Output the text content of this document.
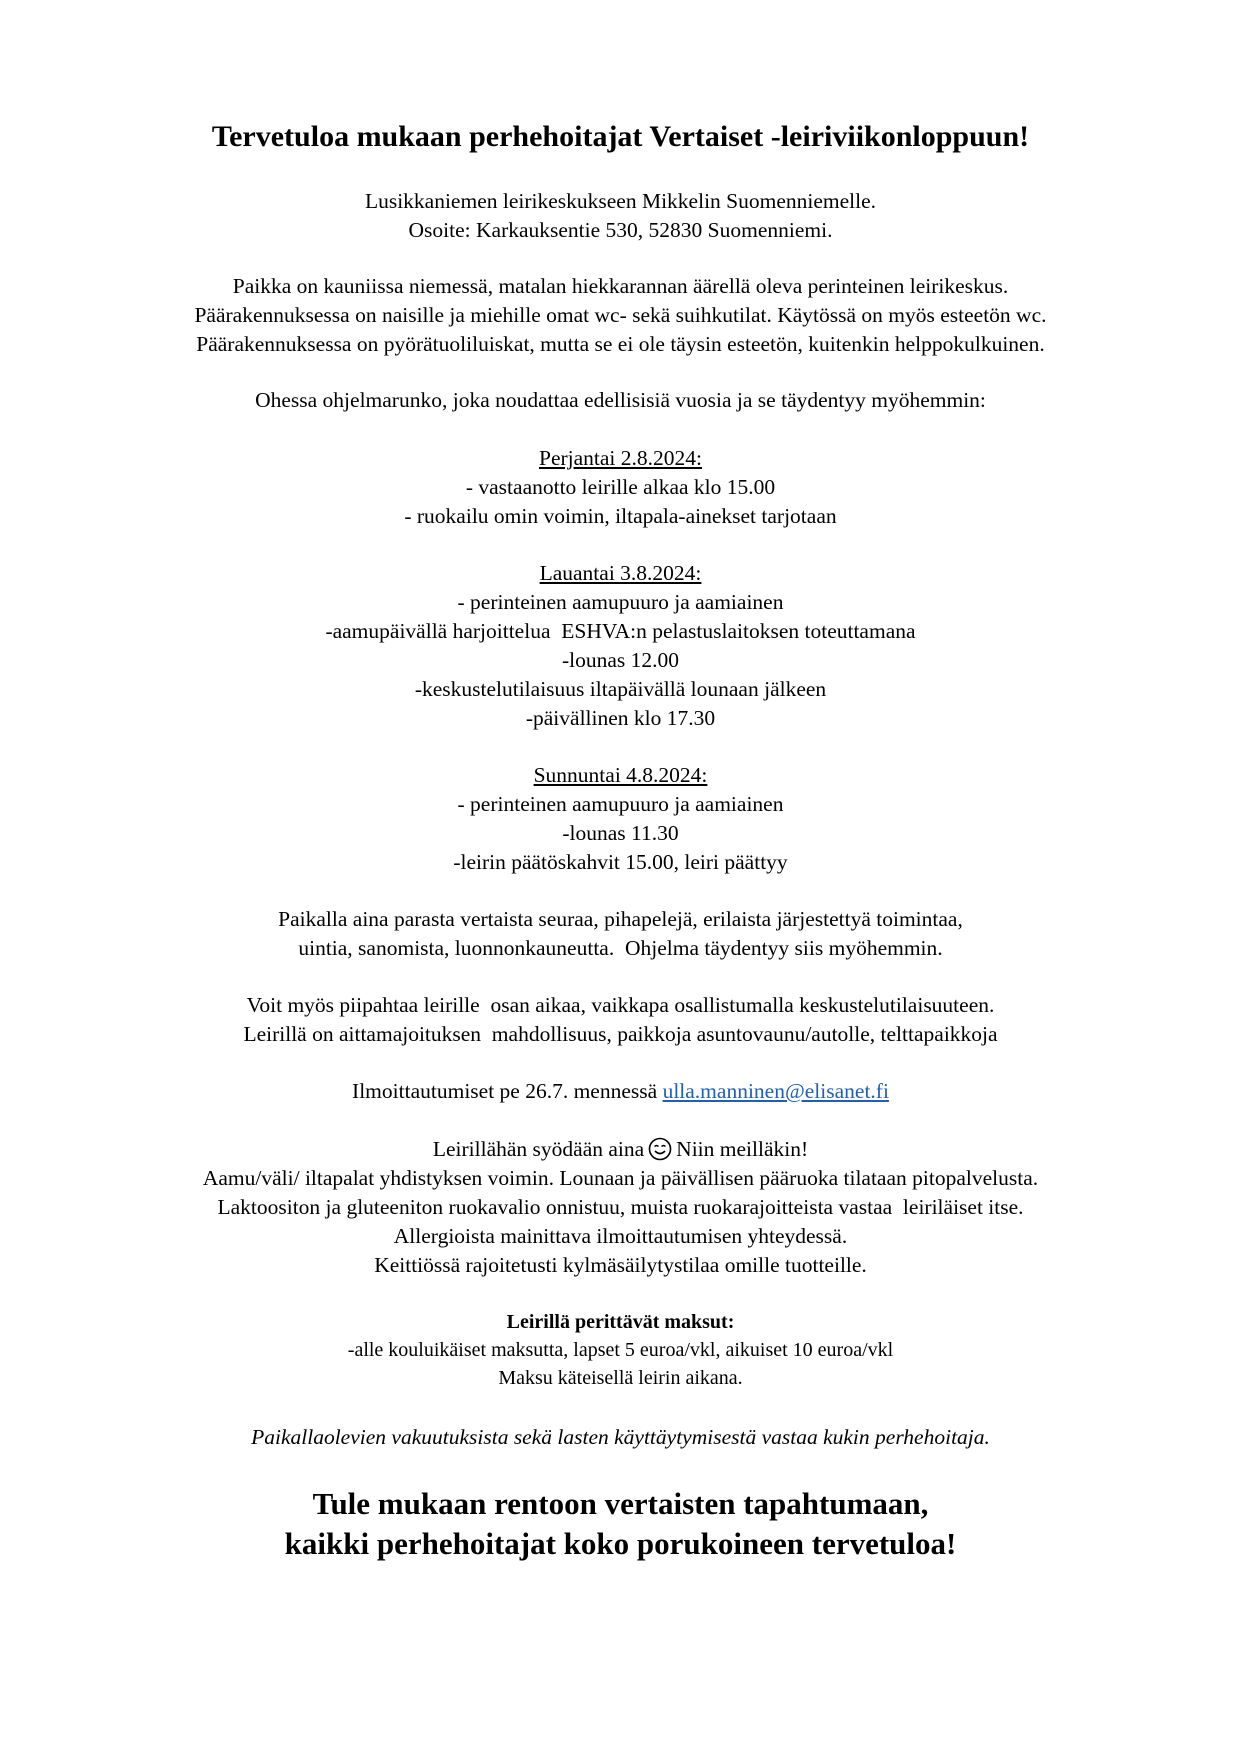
Tervetuloa mukaan perhehoitajat Vertaiset -leiriviikonloppuun!
Lusikkaniemen leirikeskukseen Mikkelin Suomenniemelle.
Osoite: Karkauksentie 530, 52830 Suomenniemi.
Paikka on kauniissa niemessä, matalan hiekkarannan äärellä oleva perinteinen leirikeskus.
Päärakennuksessa on naisille ja miehille omat wc- sekä suihkutilat. Käytössä on myös esteetön wc.
Päärakennuksessa on pyörätuoliluiskat, mutta se ei ole täysin esteetön, kuitenkin helppokulkuinen.
Ohessa ohjelmarunko, joka noudattaa edellisisiä vuosia ja se täydentyy myöhemmin:
Perjantai 2.8.2024:
- vastaanotto leirille alkaa klo 15.00
- ruokailu omin voimin, iltapala-ainekset tarjotaan
Lauantai 3.8.2024:
- perinteinen aamupuuro ja aamiainen
-aamupäivällä harjoittelua  ESHVA:n pelastuslaitoksen toteuttamana
-lounas 12.00
-keskustelutilaisuus iltapäivällä lounaan jälkeen
-päivällinen klo 17.30
Sunnuntai 4.8.2024:
- perinteinen aamupuuro ja aamiainen
-lounas 11.30
-leirin päätöskahvit 15.00, leiri päättyy
Paikalla aina parasta vertaista seuraa, pihapelejä, erilaista järjestettyä toimintaa,
uintia, sanomista, luonnonkauneutta.  Ohjelma täydentyy siis myöhemmin.
Voit myös piipahtaa leirille  osan aikaa, vaikkapa osallistumalla keskustelutilaisuuteen.
Leirillä on aittamajoituksen  mahdollisuus, paikkoja asuntovaunu/autolle, telttapaikkoja
Ilmoittautumiset pe 26.7. mennessä ulla.manninen@elisanet.fi
Leirillähän syödään aina Niin meilläkin!
Aamu/väli/ iltapalat yhdistyksen voimin. Lounaan ja päivällisen pääruoka tilataan pitopalvelusta.
Laktoositon ja gluteeniton ruokavalio onnistuu, muista ruokarajoitteista vastaa  leiriläiset itse.
Allergioista mainittava ilmoittautumisen yhteydessä.
Keittiössä rajoitetusti kylmäsäilytystilaa omille tuotteille.
Leirillä perittävät maksut:
-alle kouluikäiset maksutta, lapset 5 euroa/vkl, aikuiset 10 euroa/vkl
Maksu käteisellä leirin aikana.
Paikallaolevien vakuutuksista sekä lasten käyttäytymisestä vastaa kukin perhehoitaja.
Tule mukaan rentoon vertaisten tapahtumaan,
kaikki perhehoitajat koko porukoineen tervetuloa!
